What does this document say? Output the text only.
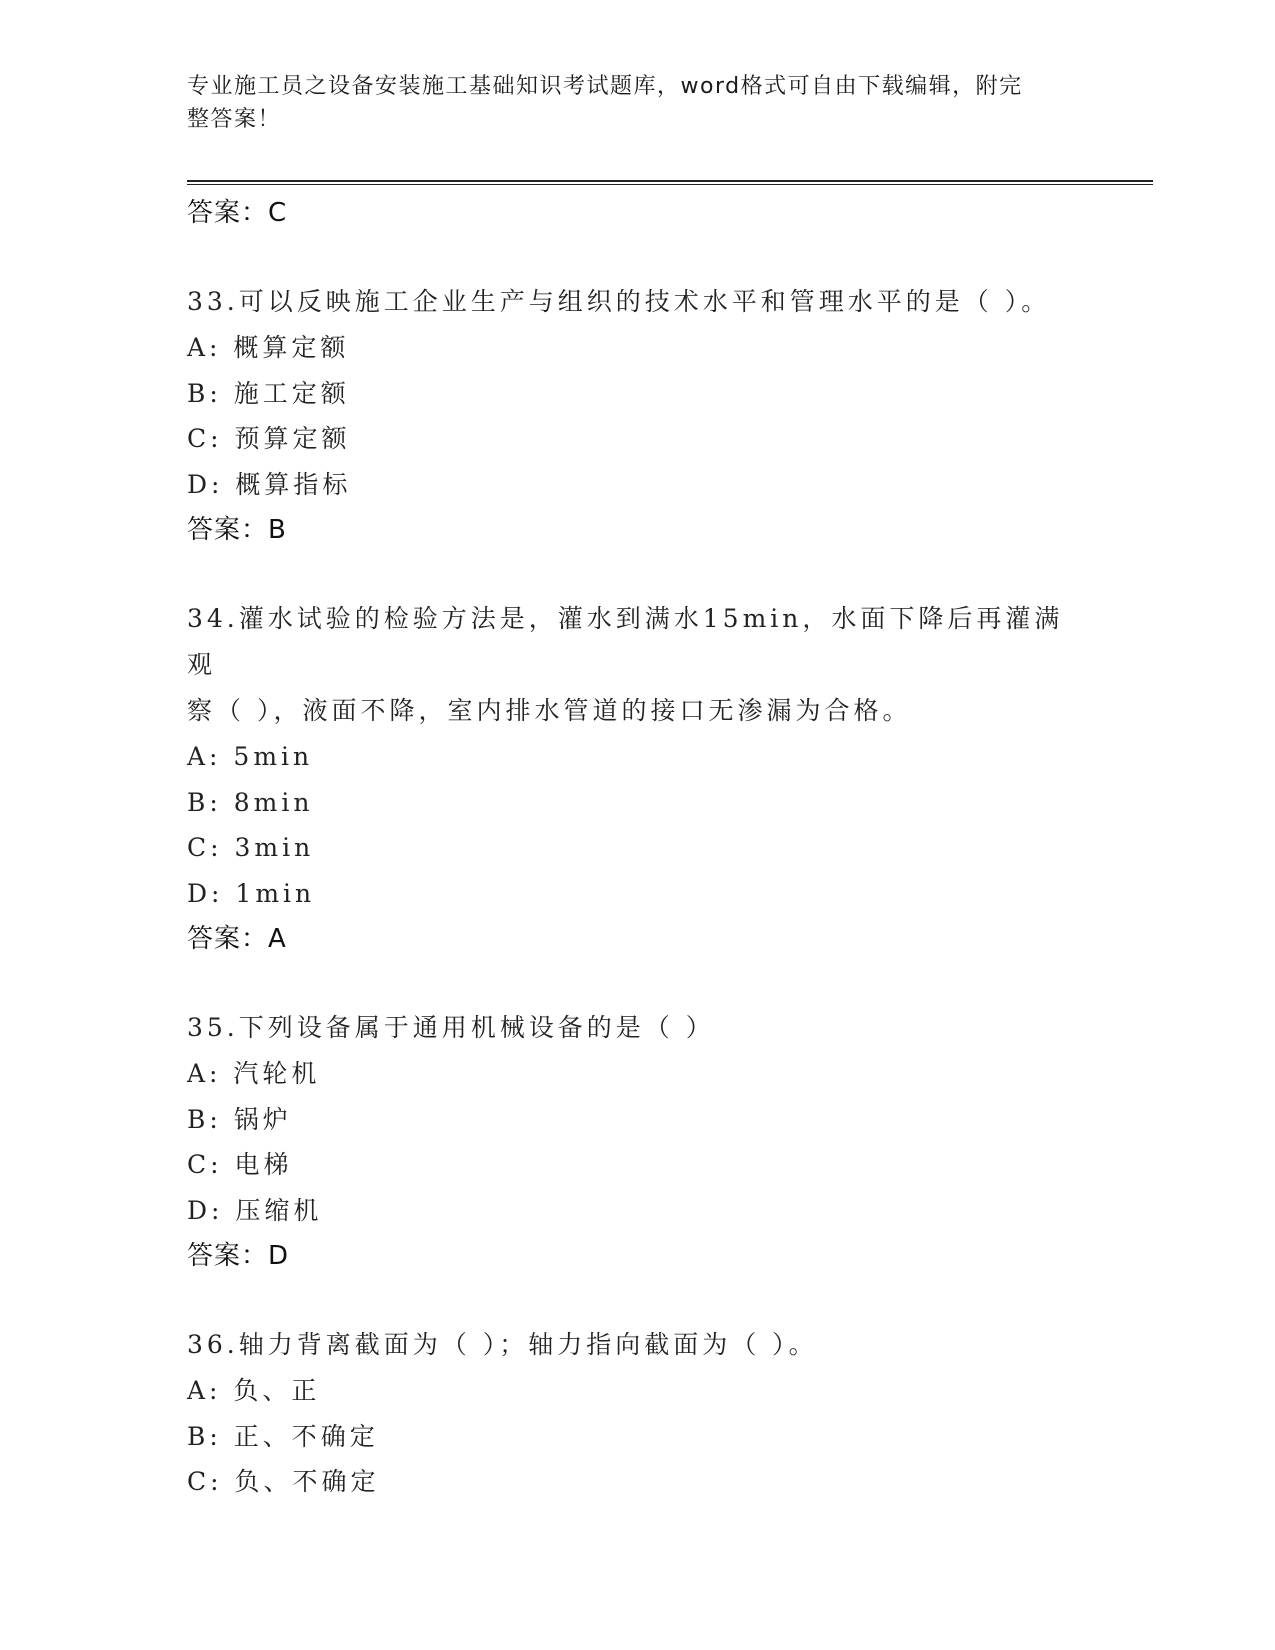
专业施工员之设备安装施工基础知识考试题库，word格式可自由下载编辑，附完
整答案！
答案：C
33.可以反映施工企业生产与组织的技术水平和管理水平的是（ ）。
A: 概算定额
B: 施工定额
C: 预算定额
D: 概算指标
答案：B
34.灌水试验的检验方法是，灌水到满水15min，水面下降后再灌满观
察（ ），液面不降，室内排水管道的接口无渗漏为合格。
A: 5min
B: 8min
C: 3min
D: 1min
答案：A
35.下列设备属于通用机械设备的是（ ）
A: 汽轮机
B: 锅炉
C: 电梯
D: 压缩机
答案：D
36.轴力背离截面为（ ）；轴力指向截面为（ ）。
A: 负、正
B: 正、不确定
C: 负、不确定
